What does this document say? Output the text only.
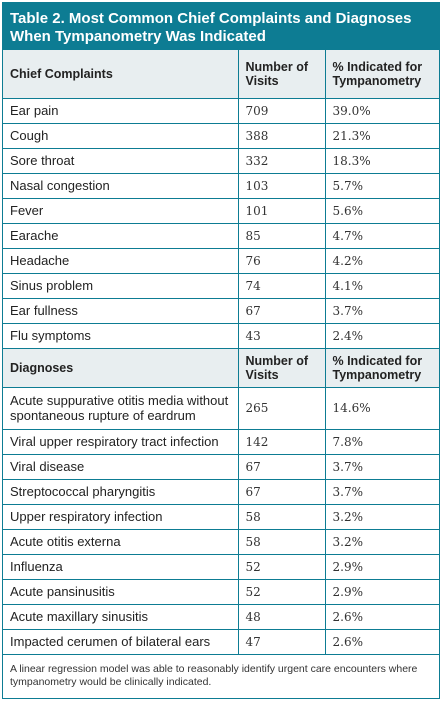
Table 2. Most Common Chief Complaints and Diagnoses When Tympanometry Was Indicated
Chief Complaints	Number of Visits	% Indicated for Tympanometry
Ear pain	709	39.0%
Cough	388	21.3%
Sore throat	332	18.3%
Nasal congestion	103	5.7%
Fever	101	5.6%
Earache	85	4.7%
Headache	76	4.2%
Sinus problem	74	4.1%
Ear fullness	67	3.7%
Flu symptoms	43	2.4%
Diagnoses	Number of Visits	% Indicated for Tympanometry
Acute suppurative otitis media without spontaneous rupture of eardrum	265	14.6%
Viral upper respiratory tract infection	142	7.8%
Viral disease	67	3.7%
Streptococcal pharyngitis	67	3.7%
Upper respiratory infection	58	3.2%
Acute otitis externa	58	3.2%
Influenza	52	2.9%
Acute pansinusitis	52	2.9%
Acute maxillary sinusitis	48	2.6%
Impacted cerumen of bilateral ears	47	2.6%
A linear regression model was able to reasonably identify urgent care encounters where tympanometry would be clinically indicated.
